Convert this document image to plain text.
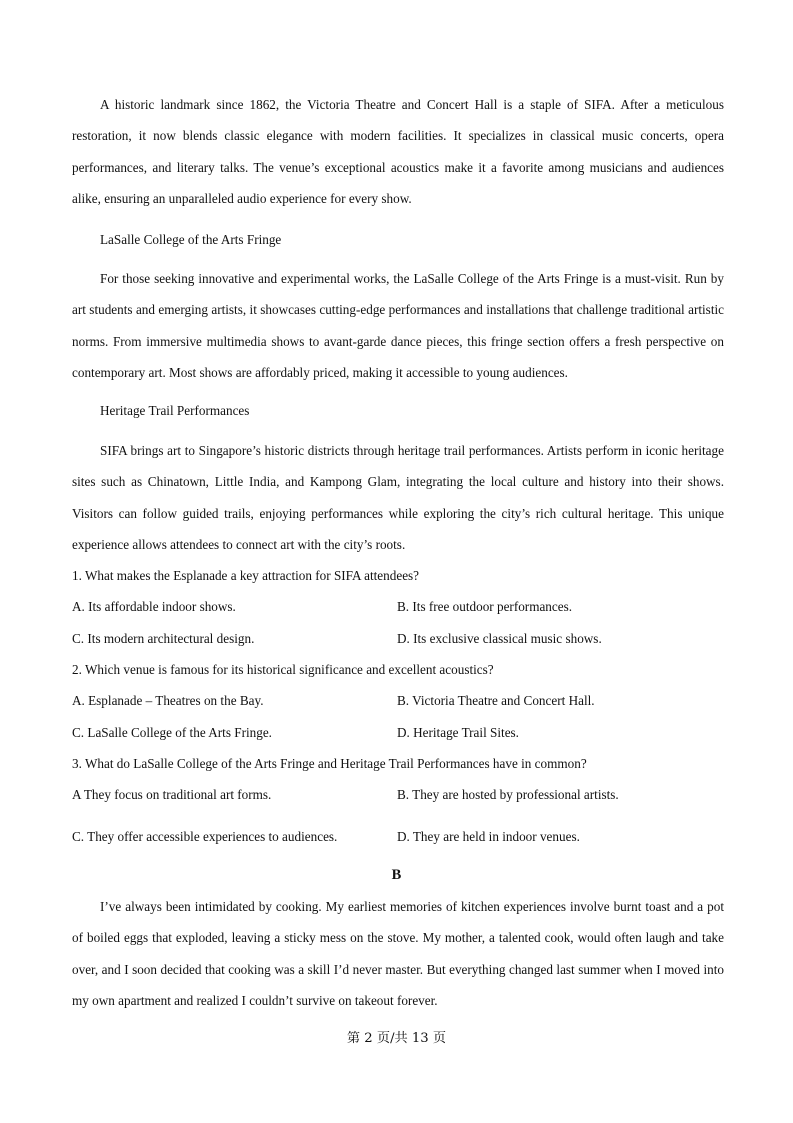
A historic landmark since 1862, the Victoria Theatre and Concert Hall is a staple of SIFA. After a meticulous restoration, it now blends classic elegance with modern facilities. It specializes in classical music concerts, opera performances, and literary talks. The venue’s exceptional acoustics make it a favorite among musicians and audiences alike, ensuring an unparalleled audio experience for every show.

LaSalle College of the Arts Fringe

For those seeking innovative and experimental works, the LaSalle College of the Arts Fringe is a must-visit. Run by art students and emerging artists, it showcases cutting-edge performances and installations that challenge traditional artistic norms. From immersive multimedia shows to avant-garde dance pieces, this fringe section offers a fresh perspective on contemporary art. Most shows are affordably priced, making it accessible to young audiences.

Heritage Trail Performances

SIFA brings art to Singapore’s historic districts through heritage trail performances. Artists perform in iconic heritage sites such as Chinatown, Little India, and Kampong Glam, integrating the local culture and history into their shows. Visitors can follow guided trails, enjoying performances while exploring the city’s rich cultural heritage. This unique experience allows attendees to connect art with the city’s roots.

1. What makes the Esplanade a key attraction for SIFA attendees?

A. Its affordable indoor shows.	B. Its free outdoor performances.

C. Its modern architectural design.	D. Its exclusive classical music shows.

2. Which venue is famous for its historical significance and excellent acoustics?

A. Esplanade – Theatres on the Bay.	B. Victoria Theatre and Concert Hall.

C. LaSalle College of the Arts Fringe.	D. Heritage Trail Sites.

3. What do LaSalle College of the Arts Fringe and Heritage Trail Performances have in common?

A They focus on traditional art forms.	B. They are hosted by professional artists.

C. They offer accessible experiences to audiences.	D. They are held in indoor venues.

B

I’ve always been intimidated by cooking. My earliest memories of kitchen experiences involve burnt toast and a pot of boiled eggs that exploded, leaving a sticky mess on the stove. My mother, a talented cook, would often laugh and take over, and I soon decided that cooking was a skill I’d never master. But everything changed last summer when I moved into my own apartment and realized I couldn’t survive on takeout forever.

第 2 页/共 13 页
